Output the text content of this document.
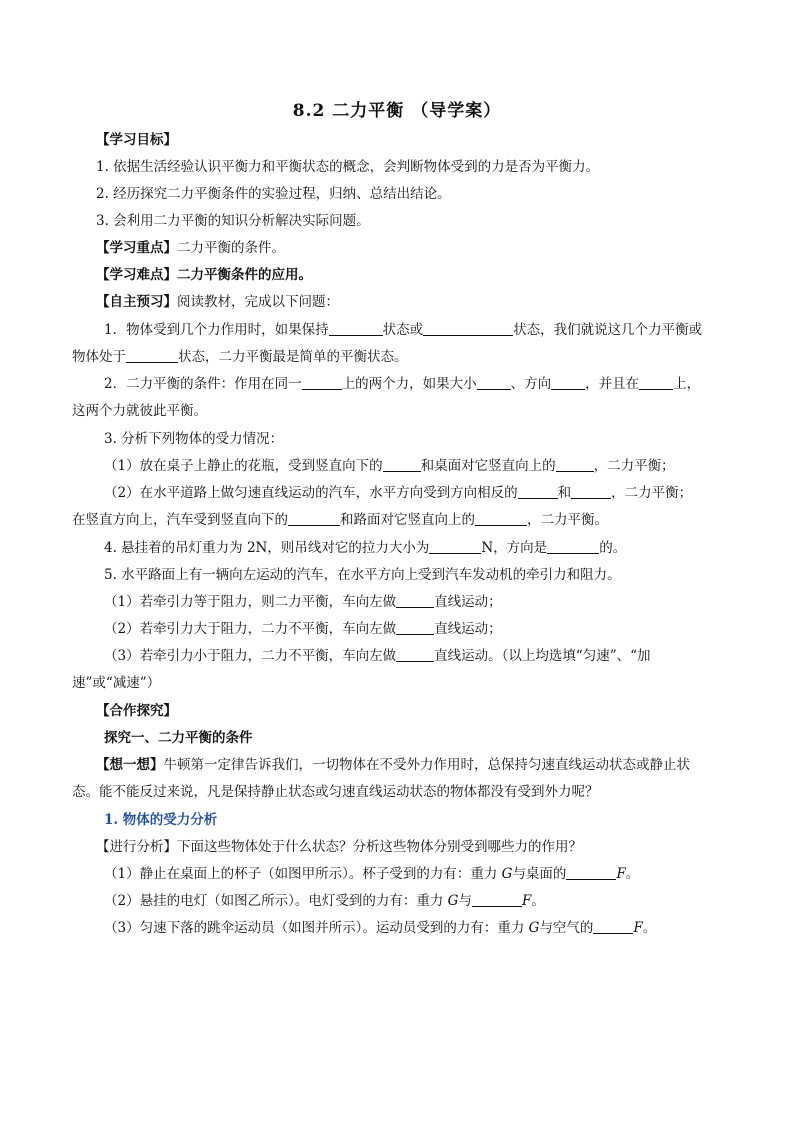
8.2 二力平衡 （导学案）
【学习目标】
1. 依据生活经验认识平衡力和平衡状态的概念，会判断物体受到的力是否为平衡力。
2. 经历探究二力平衡条件的实验过程，归纳、总结出结论。
3. 会利用二力平衡的知识分析解决实际问题。
【学习重点】二力平衡的条件。
【学习难点】二力平衡条件的应用。
【自主预习】阅读教材，完成以下问题：
1．物体受到几个力作用时，如果保持	状态或	状态，我们就说这几个力平衡或
物体处于	状态，二力平衡最是简单的平衡状态。
2．二力平衡的条件：作用在同一	上的两个力，如果大小	、方向	，并且在	上，
这两个力就彼此平衡。
3. 分析下列物体的受力情况：
（1）放在桌子上静止的花瓶，受到竖直向下的	和桌面对它竖直向上的	，二力平衡；
（2）在水平道路上做匀速直线运动的汽车，水平方向受到方向相反的	和	，二力平衡；
在竖直方向上，汽车受到竖直向下的	和路面对它竖直向上的	，二力平衡。
4. 悬挂着的吊灯重力为 2N，则吊线对它的拉力大小为	N，方向是	的。
5. 水平路面上有一辆向左运动的汽车，在水平方向上受到汽车发动机的牵引力和阻力。
（1）若牵引力等于阻力，则二力平衡，车向左做	直线运动；
（2）若牵引力大于阻力，二力不平衡，车向左做	直线运动；
（3）若牵引力小于阻力，二力不平衡，车向左做	直线运动。（以上均选填“匀速”、“加
速”或“减速”）
【合作探究】
探究一、二力平衡的条件
【想一想】牛顿第一定律告诉我们，一切物体在不受外力作用时，总保持匀速直线运动状态或静止状
态。能不能反过来说，凡是保持静止状态或匀速直线运动状态的物体都没有受到外力呢？
1. 物体的受力分析
【进行分析】下面这些物体处于什么状态？分析这些物体分别受到哪些力的作用？
（1）静止在桌面上的杯子（如图甲所示）。杯子受到的力有：重力 G与桌面的	F。
（2）悬挂的电灯（如图乙所示）。电灯受到的力有：重力 G与	F。
（3）匀速下落的跳伞运动员（如图并所示）。运动员受到的力有：重力 G与空气的	F。
